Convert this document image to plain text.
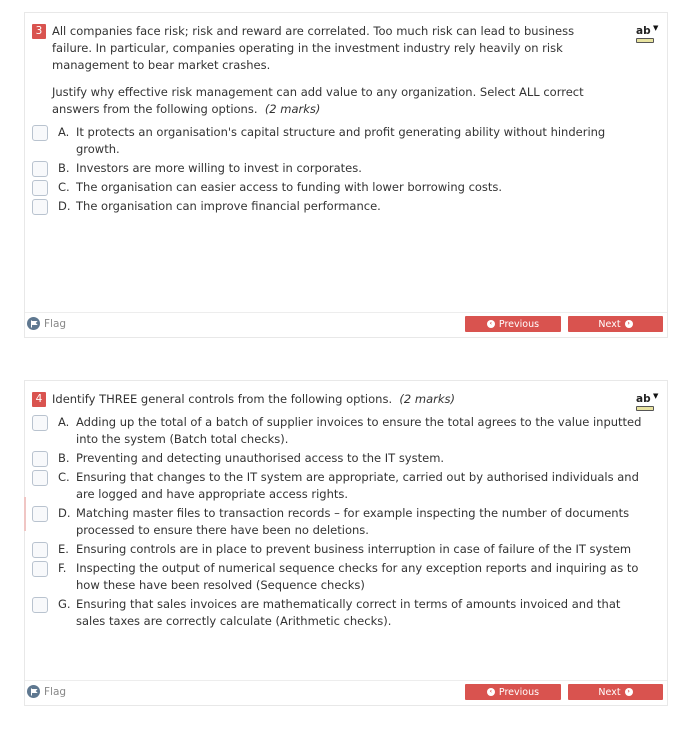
3 All companies face risk; risk and reward are correlated. Too much risk can lead to business failure. In particular, companies operating in the investment industry rely heavily on risk management to bear market crashes.

Justify why effective risk management can add value to any organization. Select ALL correct answers from the following options. (2 marks)

ab ▼
A. It protects an organisation's capital structure and profit generating ability without hindering growth.
B. Investors are more willing to invest in corporates.
C. The organisation can easier access to funding with lower borrowing costs.
D. The organisation can improve financial performance.
Flag	‹ Previous	Next	›
4 Identify THREE general controls from the following options. (2 marks)	ab ▼
A. Adding up the total of a batch of supplier invoices to ensure the total agrees to the value inputted into the system (Batch total checks).
B. Preventing and detecting unauthorised access to the IT system.
C. Ensuring that changes to the IT system are appropriate, carried out by authorised individuals and are logged and have appropriate access rights.
D. Matching master files to transaction records – for example inspecting the number of documents processed to ensure there have been no deletions.
E. Ensuring controls are in place to prevent business interruption in case of failure of the IT system
F. Inspecting the output of numerical sequence checks for any exception reports and inquiring as to how these have been resolved (Sequence checks)
G. Ensuring that sales invoices are mathematically correct in terms of amounts invoiced and that sales taxes are correctly calculate (Arithmetic checks).
Flag	‹ Previous	Next	›
